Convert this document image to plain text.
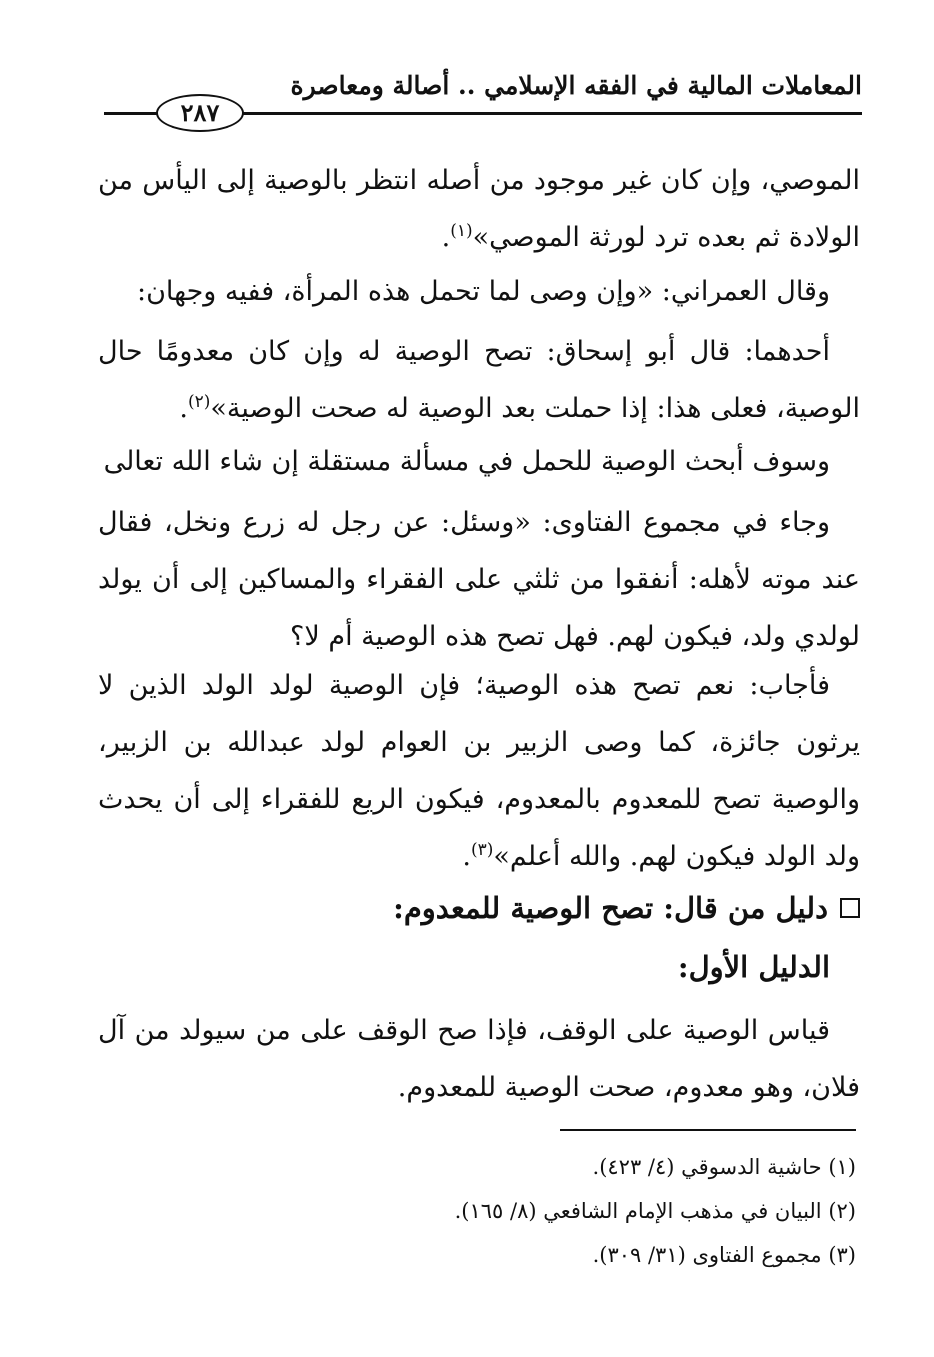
المعاملات المالية في الفقه الإسلامي .. أصالة ومعاصرة
٢٨٧

الموصي، وإن كان غير موجود من أصله انتظر بالوصية إلى اليأس من الولادة ثم بعده ترد لورثة الموصي»$^{(١)}$.

وقال العمراني: «وإن وصى لما تحمل هذه المرأة، ففيه وجهان:

أحدهما: قال أبو إسحاق: تصح الوصية له وإن كان معدومًا حال الوصية، فعلى هذا: إذا حملت بعد الوصية له صحت الوصية»$^{(٢)}$.

وسوف أبحث الوصية للحمل في مسألة مستقلة إن شاء الله تعالى

وجاء في مجموع الفتاوى: «وسئل: عن رجل له زرع ونخل، فقال عند موته لأهله: أنفقوا من ثلثي على الفقراء والمساكين إلى أن يولد لولدي ولد، فيكون لهم. فهل تصح هذه الوصية أم لا؟

فأجاب: نعم تصح هذه الوصية؛ فإن الوصية لولد الولد الذين لا يرثون جائزة، كما وصى الزبير بن العوام لولد عبدالله بن الزبير، والوصية تصح للمعدوم بالمعدوم، فيكون الريع للفقراء إلى أن يحدث ولد الولد فيكون لهم. والله أعلم»$^{(٣)}$.

دليل من قال: تصح الوصية للمعدوم:
الدليل الأول:

قياس الوصية على الوقف، فإذا صح الوقف على من سيولد من آل فلان، وهو معدوم، صحت الوصية للمعدوم.

(١) حاشية الدسوقي (٤/ ٤٢٣).

(٢) البيان في مذهب الإمام الشافعي (٨/ ١٦٥).

(٣) مجموع الفتاوى (٣١/ ٣٠٩).
